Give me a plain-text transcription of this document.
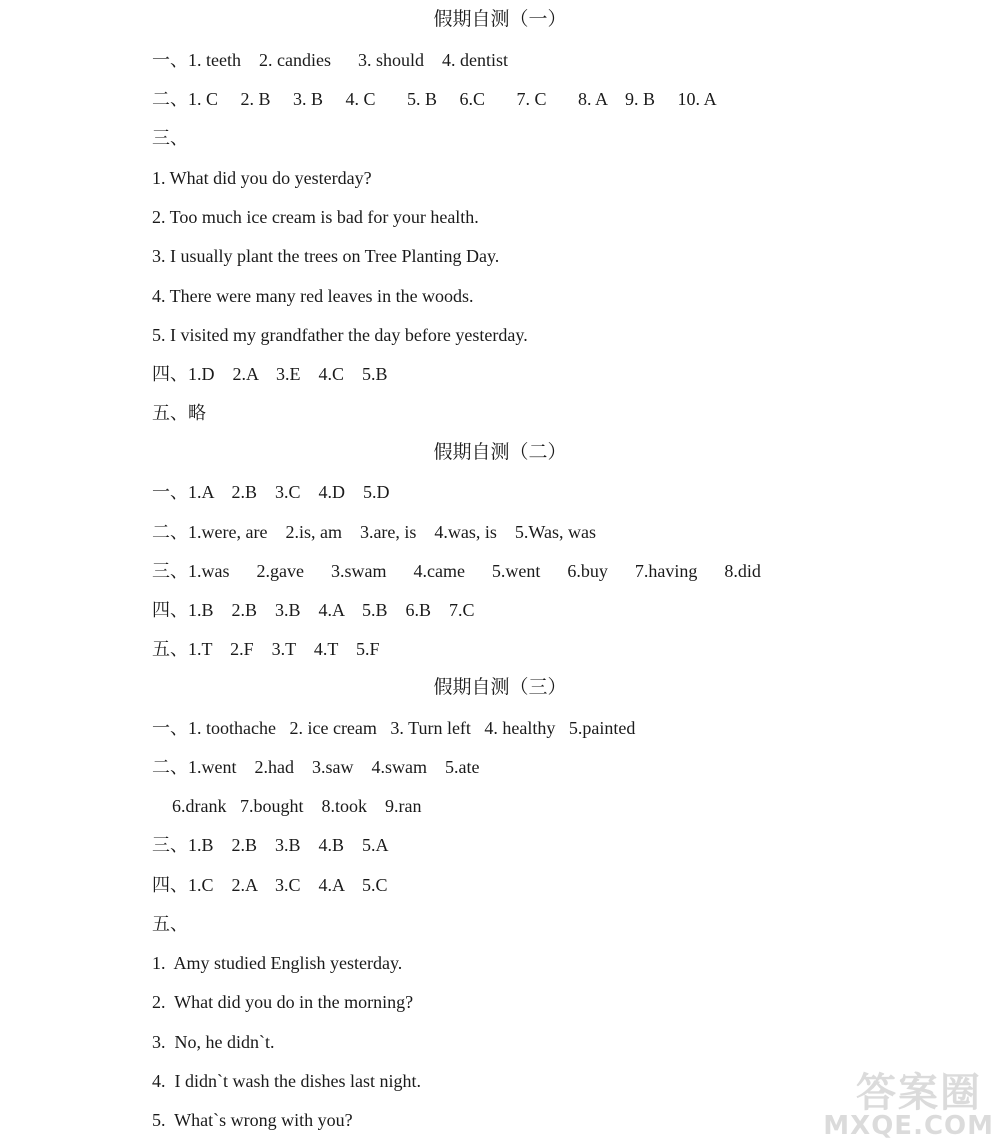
假期自测（一）
一、1. teeth    2. candies      3. should    4. dentist
二、1. C     2. B     3. B     4. C       5. B     6.C       7. C       8. A    9. B     10. A
三、
1. What did you do yesterday?
2. Too much ice cream is bad for your health.
3. I usually plant the trees on Tree Planting Day.
4. There were many red leaves in the woods.
5. I visited my grandfather the day before yesterday.
四、1.D    2.A    3.E    4.C    5.B
五、略
假期自测（二）
一、1.A    2.B    3.C    4.D    5.D
二、1.were, are    2.is, am    3.are, is    4.was, is    5.Was, was
三、1.was      2.gave      3.swam      4.came      5.went      6.buy      7.having      8.did
四、1.B    2.B    3.B    4.A    5.B    6.B    7.C
五、1.T    2.F    3.T    4.T    5.F
假期自测（三）
一、1. toothache   2. ice cream   3. Turn left   4. healthy   5.painted
二、1.went    2.had    3.saw    4.swam    5.ate
6.drank   7.bought    8.took    9.ran
三、1.B    2.B    3.B    4.B    5.A
四、1.C    2.A    3.C    4.A    5.C
五、
1.  Amy studied English yesterday.
2.  What did you do in the morning?
3.  No, he didn`t.
4.  I didn`t wash the dishes last night.
5.  What`s wrong with you?
答案圈
MXQE.COM
